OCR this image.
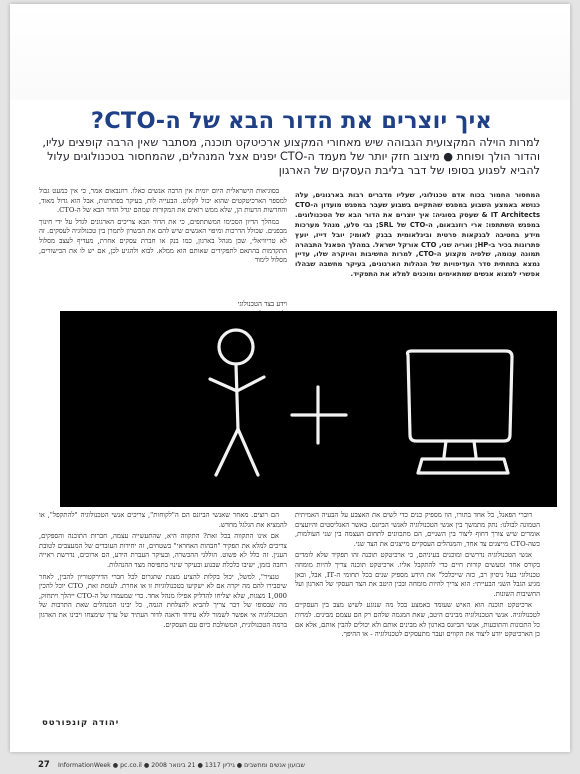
איך יוצרים את הדור הבא של ה-CTO?
למרות הוילה המקצועית הגבוהה שיש מאחורי המקצוע ארכיטקט תוכנה, מסתבר שאין הרבה קופצים עליו, והדור הולך ופוחת ● מיצוב חזק יותר של מעמד ה-CTO יפנים אצל המנהלים, שהמחסור בטכנולוגים עלול להביא לפגוע בסופו של דבר בליבת העסקים של הארגון
המחסור החמור בכוח אדם טכנולוגי, שעליו מדברים רבות בארגונים, עלה כנושא באמצע השבוע במפגש שהתקיים בשבוע שעבר במפגש מועדון ה-CTO & IT Architects שעסק בסוגיה: איך יוצרים את הדור הבא של הטכנולוגים. במפגש השתתפו: ארי רוזנבאום, ה-CTO של SRL; גבי סלע, מנהל מערכות מידע בחטיבה לבנקאות פרטית ובינלאומית בבנק לאומי; יובל דייז, יועץ פתרונות בכיר ב-HP; ואריה שני, CTO אורקל ישראל. במהלך הפאנל התבהרה תמונה עגומה, שלפיה מקצוע ה-CTO, למרות החשיבות והיוקרה שלו, עדיין נמצא בתחתית סדר העדיפויות של הנהלות הארגונים, בעיקר מחשבה שבהלו אפשרי למצוא אנשים שמתאימים ומוכנים למלא את התפקיד.

בסוגיאות הישראלית היום יומית אין הרבה אנשים כאלו. רוזנבאום אמר, כי אין כמעט גבול למספר הארכיטקטים שהוא יכול לקלוט. הבעייה לוח, בעיקר בפתרונות, אבל הוא גדול מאוד, והחדשות הרעות הן, שלא ממש רואים את המקורות שמהם יגדל הדור הבא של ה-CTO.

במהלך הדיון הסכימו המשתתפים, כי את הדור הבא צריכים הארגונים לגדל על ידי חינוך מבפנים. שכולל הדרכות ומיפוי האנשים שיש להם את הכשרון לתמרן בין טכנולוגיה לעסקים. זה לא טריוויאלי, שכן מנהל בארגון, כמו בנק או חברת עסקים אחרת, מעדיף לעצב מסלול התקדמות בהתאם לתפקידים שאותם הוא ממלא. לבוא ולהגיע לכן, אם יש לו את הכישורים, מסלול לימוד

וידע בצד הטכנולוגי

דוברי הפאנל, כל אחד בתורו, הוו מספיק כנים כדי לשים את האצבע על הבעיה האמיתית הטמונה לבולנו: נתק מתמשך בין אנשי הטכנולוגיה לאנשי הביזנס. כאשר האנליסטים והיועצים אומרים שיש צורך דחוף ליצור בין השניים, הם מתכוונים לתחום העצמה בין שני העולמות, כשה-CTO מייצגים צד אחד, והמנהלים העסקיים מייצגים את הצד שני.

אנשי הטכנולוגיה נדרשים ומוכנים בעיניהם, כי ארכיטקט תוכנה זהו תפקיד שלא לומדים בקורס אחד ומעשים קורות חיים כדי להתקבל אליו. ארכיטקט תוכנה צריך להיות מומחה טכנולוגי בעל ניסיון רב, כזה שייכלכל" את הידע מספיק שנים בכל תחומי ה-IT, אבל, ובאן מגיע הגבל השני הבעייתי: הוא צריך להיות מומחה ובכין היטב את הצד העסקי של הארגון ועל החשיבות השונות.

ארכיטקט תוכנה הוא האיש שעומד באמצע בכל מה שנוגע לשיש מצב בין העסקיים לטכנולוגיה. אנשי הטכנולוגיה מבינים היטב, שאת המגמה שלהם רק הם עצמם מבינים. למרות כל התכונות והתוכעות, אנשי הביזנס בארגון לא מבינים אותם ולא יכולים להבין אותם, אלא אם כן הארכיטקט יודע ליצור את הקווים ועבר מתעסקים לטכנולוגיה - או ההיפך.

הם רוצים. מאחר שאנשי הביזנס הם ה"לקוחות", צריכים אנשי הטכנולוגיה "להתקפל", או להמציא את הגלגל מחדש.

אם אינו התקווה בכל זאת? התקווה היא, שהתעשייה עצמה, חברות התוכנה והספקים, צריכים למלא את תפקיד "חבהות האחראי" בשטחים, זה יחידות העובדים של המעצבים לטובת הענין. זה כלל לא פשוט. הוללני ההכשרה, ובעיקר העברת הידע, הם ארוכים, נדרשת ראייה רחבה בזמן, ישיבו כלכלת שבנוע ובעיקר שינוי בתפיסה מצד ההנהלות.

טנציר", למשל, יכול בקלות להציע מצגת שתגרום לכל חברי הדירקטוריון להבין, לאחר שיסבירו להם מה יקרה אם לא ישקיעו בטכנולוגיות זו או אחרת. לעומת זאת, CTO יוכל להכין 1,000 מצגות, שלא יצליחו להדליק אפילו מנהל אחד. כדי שמעמדו של ה-CTO ייהלך ויתחזק, מה שבסופו של דבר צריך להביא להצלחת הגמה, כל יבינו המנהלים שאת התרבות של הטכנולוגיה אי אפשר לשמור ללא עידוד ודאגה לדור העתיד של ערך שימצחו ויבינו את הארגון ברמה הטכנולוגית, המשולבת כיום עם העסקים.

יהודה קונפורטס
27 שבועון אנשים ומחשבים ● גיליון 1317 ● 21 בינואר 2008 ● InformationWeek ● pc.co.il
